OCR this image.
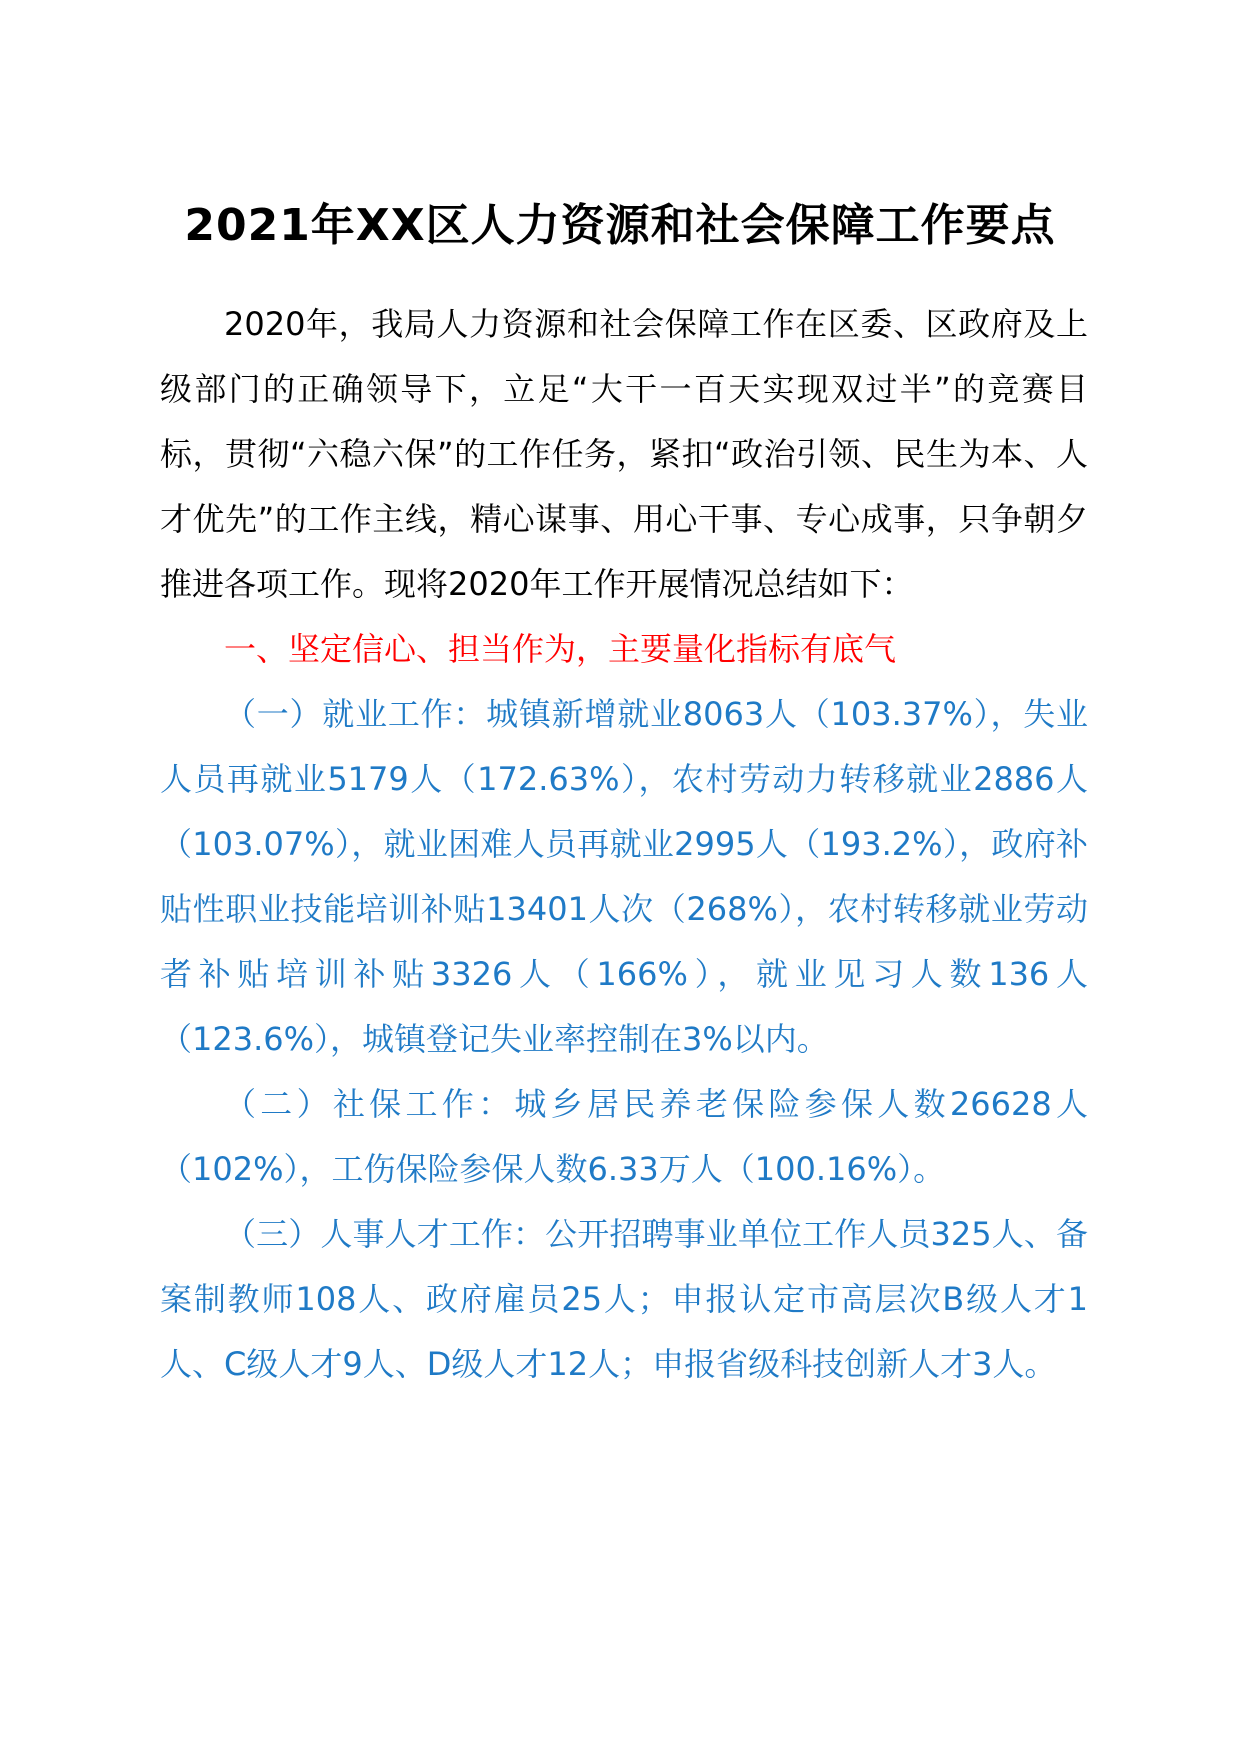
2021年XX区人力资源和社会保障工作要点

2020年，我局人力资源和社会保障工作在区委、区政府及上级部门的正确领导下，立足“大干一百天实现双过半”的竞赛目标，贯彻“六稳六保”的工作任务，紧扣“政治引领、民生为本、人才优先”的工作主线，精心谋事、用心干事、专心成事，只争朝夕推进各项工作。现将2020年工作开展情况总结如下：

一、坚定信心、担当作为，主要量化指标有底气

（一）就业工作：城镇新增就业8063人（103.37%），失业人员再就业5179人（172.63%），农村劳动力转移就业2886人（103.07%），就业困难人员再就业2995人（193.2%），政府补贴性职业技能培训补贴13401人次（268%），农村转移就业劳动者补贴培训补贴3326人（166%），就业见习人数136人（123.6%），城镇登记失业率控制在3%以内。

（二）社保工作：城乡居民养老保险参保人数26628人（102%），工伤保险参保人数6.33万人（100.16%）。

（三）人事人才工作：公开招聘事业单位工作人员325人、备案制教师108人、政府雇员25人；申报认定市高层次B级人才1人、C级人才9人、D级人才12人；申报省级科技创新人才3人。
